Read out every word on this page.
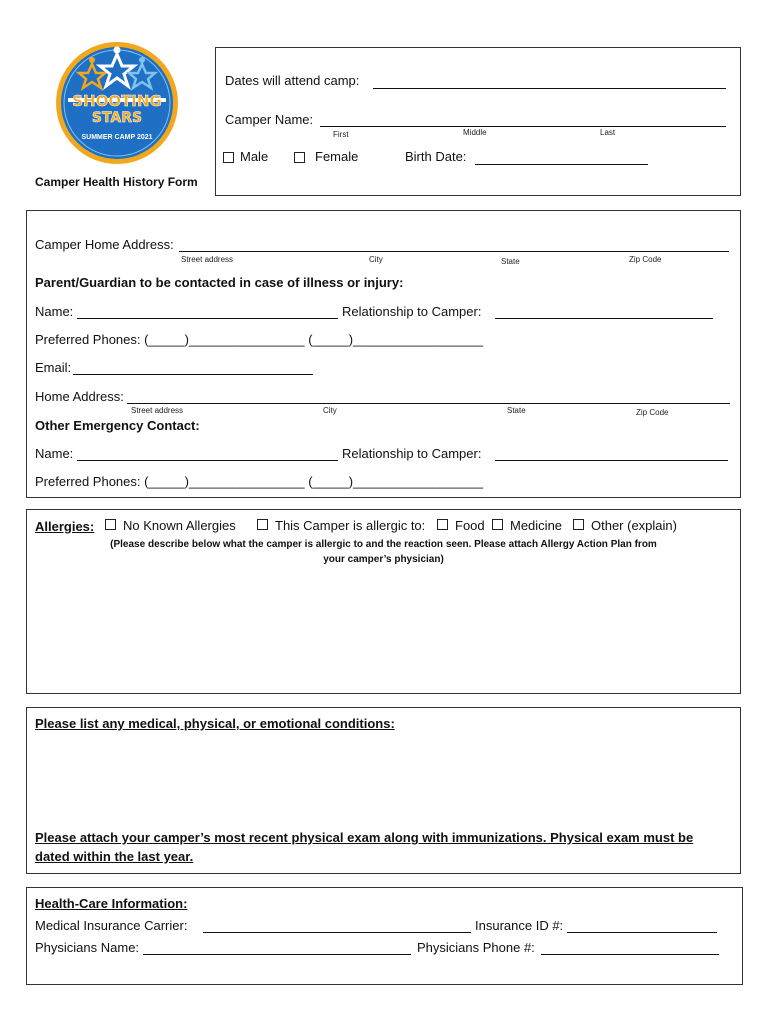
SHOOTING
STARS
SUMMER CAMP 2021
Camper Health History Form
Dates will attend camp:
Camper Name:
First	Middle	Last
Male	Female	Birth Date:
Camper Home Address:
Street address	City	State	Zip Code
Parent/Guardian to be contacted in case of illness or injury:
Name:	Relationship to Camper:
Preferred Phones: (_____)________________ (_____)__________________
Email:
Home Address:
Street address	City	State	Zip Code
Other Emergency Contact:
Name:	Relationship to Camper:
Preferred Phones: (_____)________________ (_____)__________________
Allergies: No Known Allergies	This Camper is allergic to: Food Medicine Other (explain)
(Please describe below what the camper is allergic to and the reaction seen. Please attach Allergy Action Plan from
your camper’s physician)
Please list any medical, physical, or emotional conditions:
Please attach your camper’s most recent physical exam along with immunizations. Physical exam must be
dated within the last year.
Health-Care Information:
Medical Insurance Carrier:	Insurance ID #:
Physicians Name:	Physicians Phone #:
